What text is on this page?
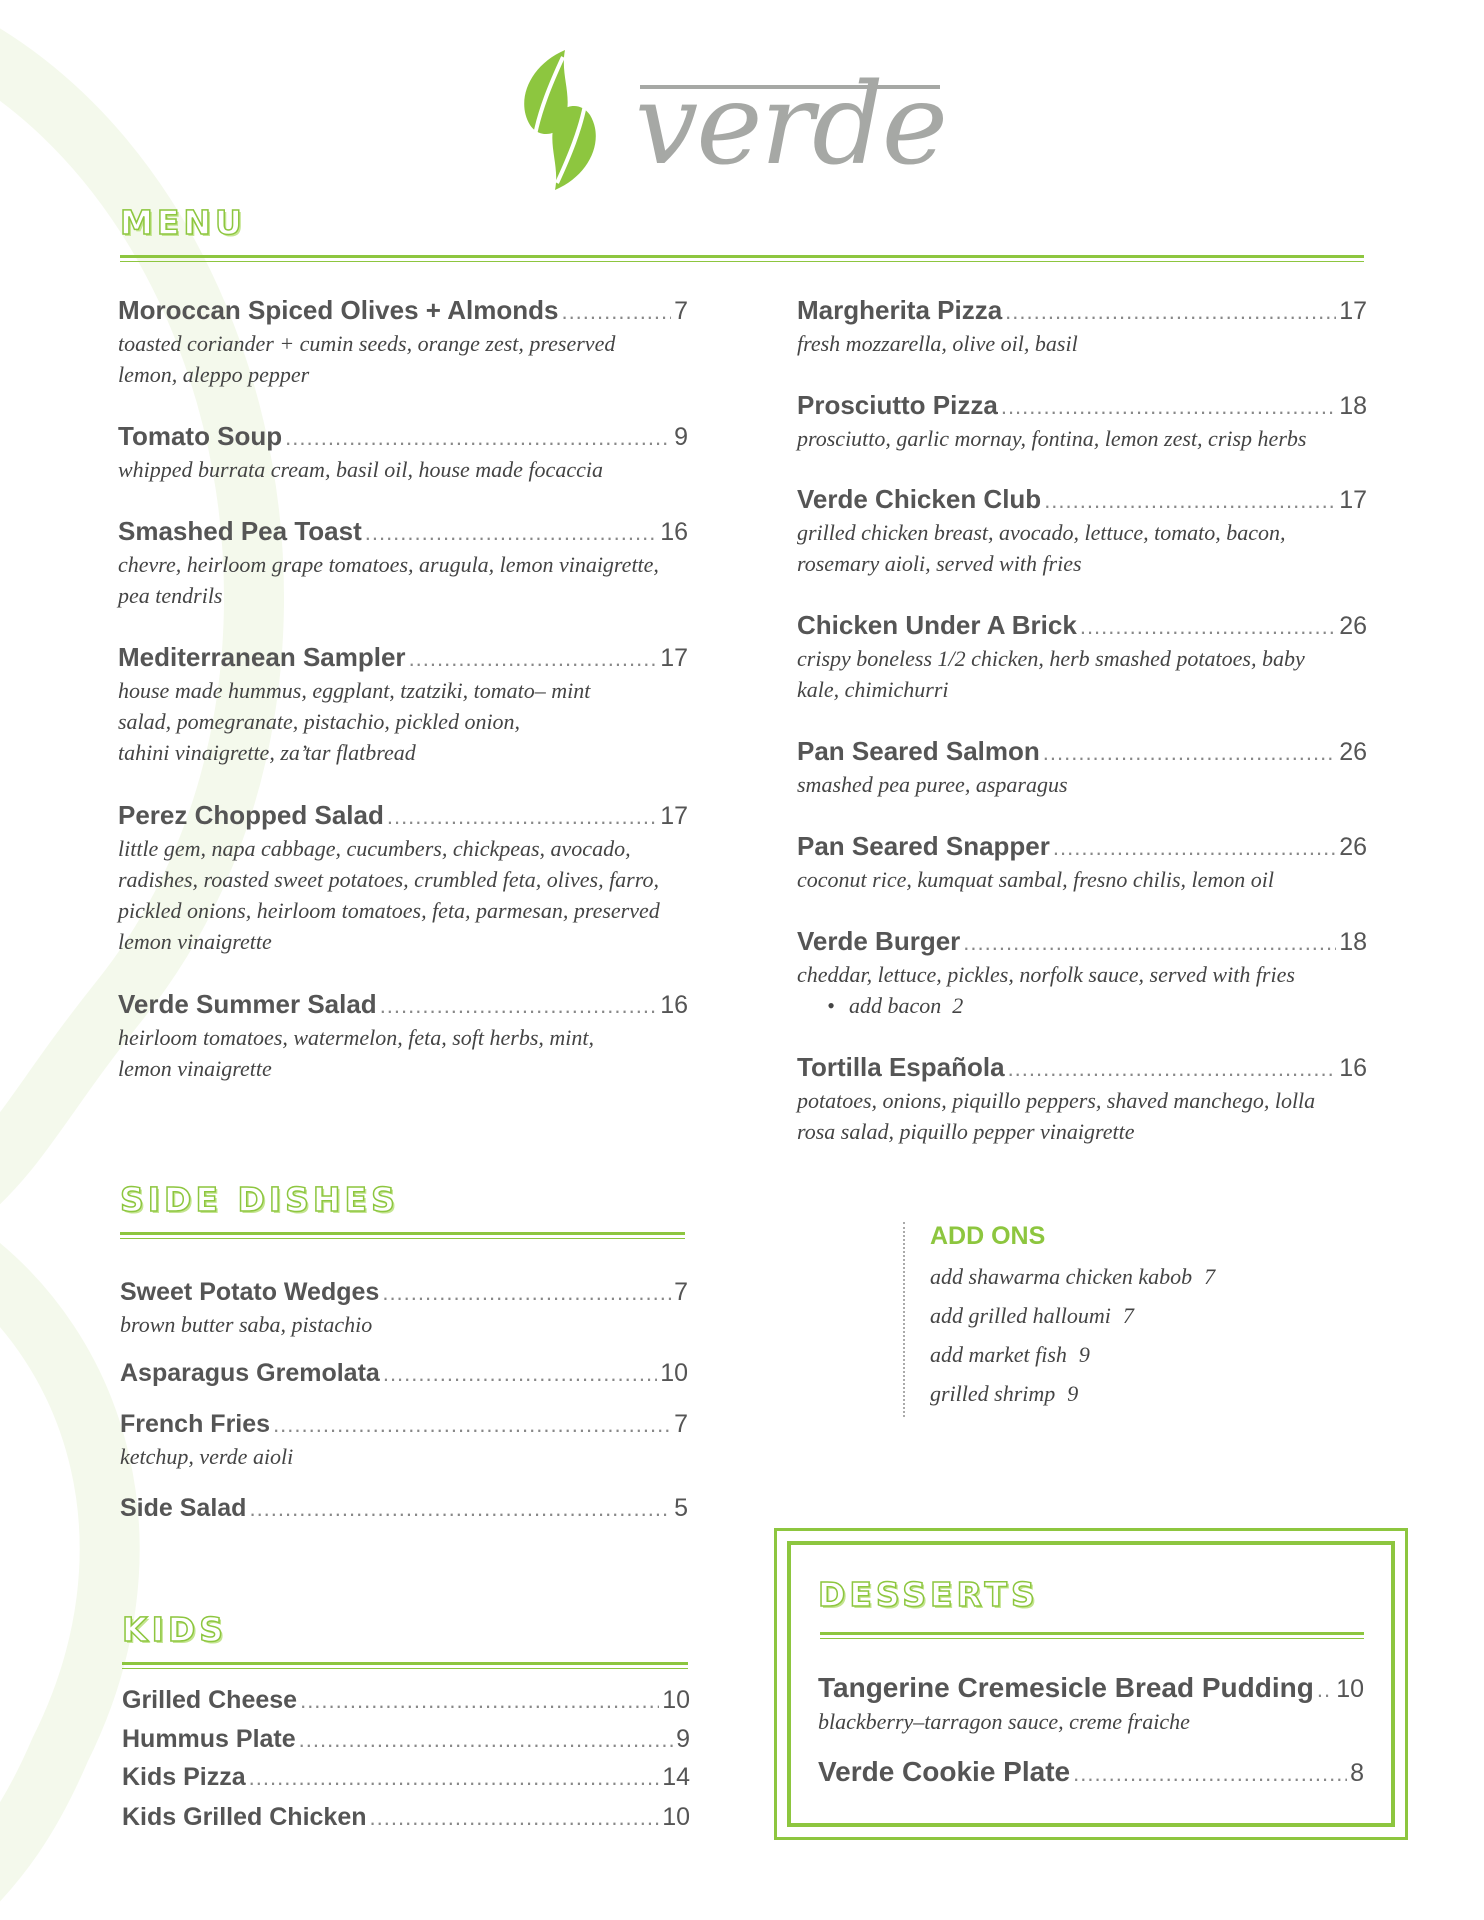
verde
MENU
Moroccan Spiced Olives + Almonds .....	7
toasted coriander + cumin seeds, orange zest, preserved
lemon, aleppo pepper
Tomato Soup .....	9
whipped burrata cream, basil oil, house made focaccia
Smashed Pea Toast .....	16
chevre, heirloom grape tomatoes, arugula, lemon vinaigrette,
pea tendrils
Mediterranean Sampler .....	17
house made hummus, eggplant, tzatziki, tomato– mint
salad, pomegranate, pistachio, pickled onion,
tahini vinaigrette, za’tar flatbread
Perez Chopped Salad .....	17
little gem, napa cabbage, cucumbers, chickpeas, avocado,
radishes, roasted sweet potatoes, crumbled feta, olives, farro,
pickled onions, heirloom tomatoes, feta, parmesan, preserved
lemon vinaigrette
Verde Summer Salad .....	16
heirloom tomatoes, watermelon, feta, soft herbs, mint,
lemon vinaigrette
Margherita Pizza .....	17
fresh mozzarella, olive oil, basil
Prosciutto Pizza .....	18
prosciutto, garlic mornay, fontina, lemon zest, crisp herbs
Verde Chicken Club .....	17
grilled chicken breast, avocado, lettuce, tomato, bacon,
rosemary aioli, served with fries
Chicken Under A Brick .....	26
crispy boneless 1/2 chicken, herb smashed potatoes, baby
kale, chimichurri
Pan Seared Salmon .....	26
smashed pea puree, asparagus
Pan Seared Snapper .....	26
coconut rice, kumquat sambal, fresno chilis, lemon oil
Verde Burger .....	18
cheddar, lettuce, pickles, norfolk sauce, served with fries
• add bacon 2
Tortilla Española .....	16
potatoes, onions, piquillo peppers, shaved manchego, lolla
rosa salad, piquillo pepper vinaigrette
SIDE DISHES
Sweet Potato Wedges .....	7
brown butter saba, pistachio
Asparagus Gremolata .....	10
French Fries .....	7
ketchup, verde aioli
Side Salad .....	5
ADD ONS
add shawarma chicken kabob 7
add grilled halloumi 7
add market fish 9
grilled shrimp 9
KIDS
Grilled Cheese .....	10
Hummus Plate .....	9
Kids Pizza .....	14
Kids Grilled Chicken .....	10
DESSERTS
Tangerine Cremesicle Bread Pudding ..... 10
blackberry–tarragon sauce, creme fraiche
Verde Cookie Plate .....	8
